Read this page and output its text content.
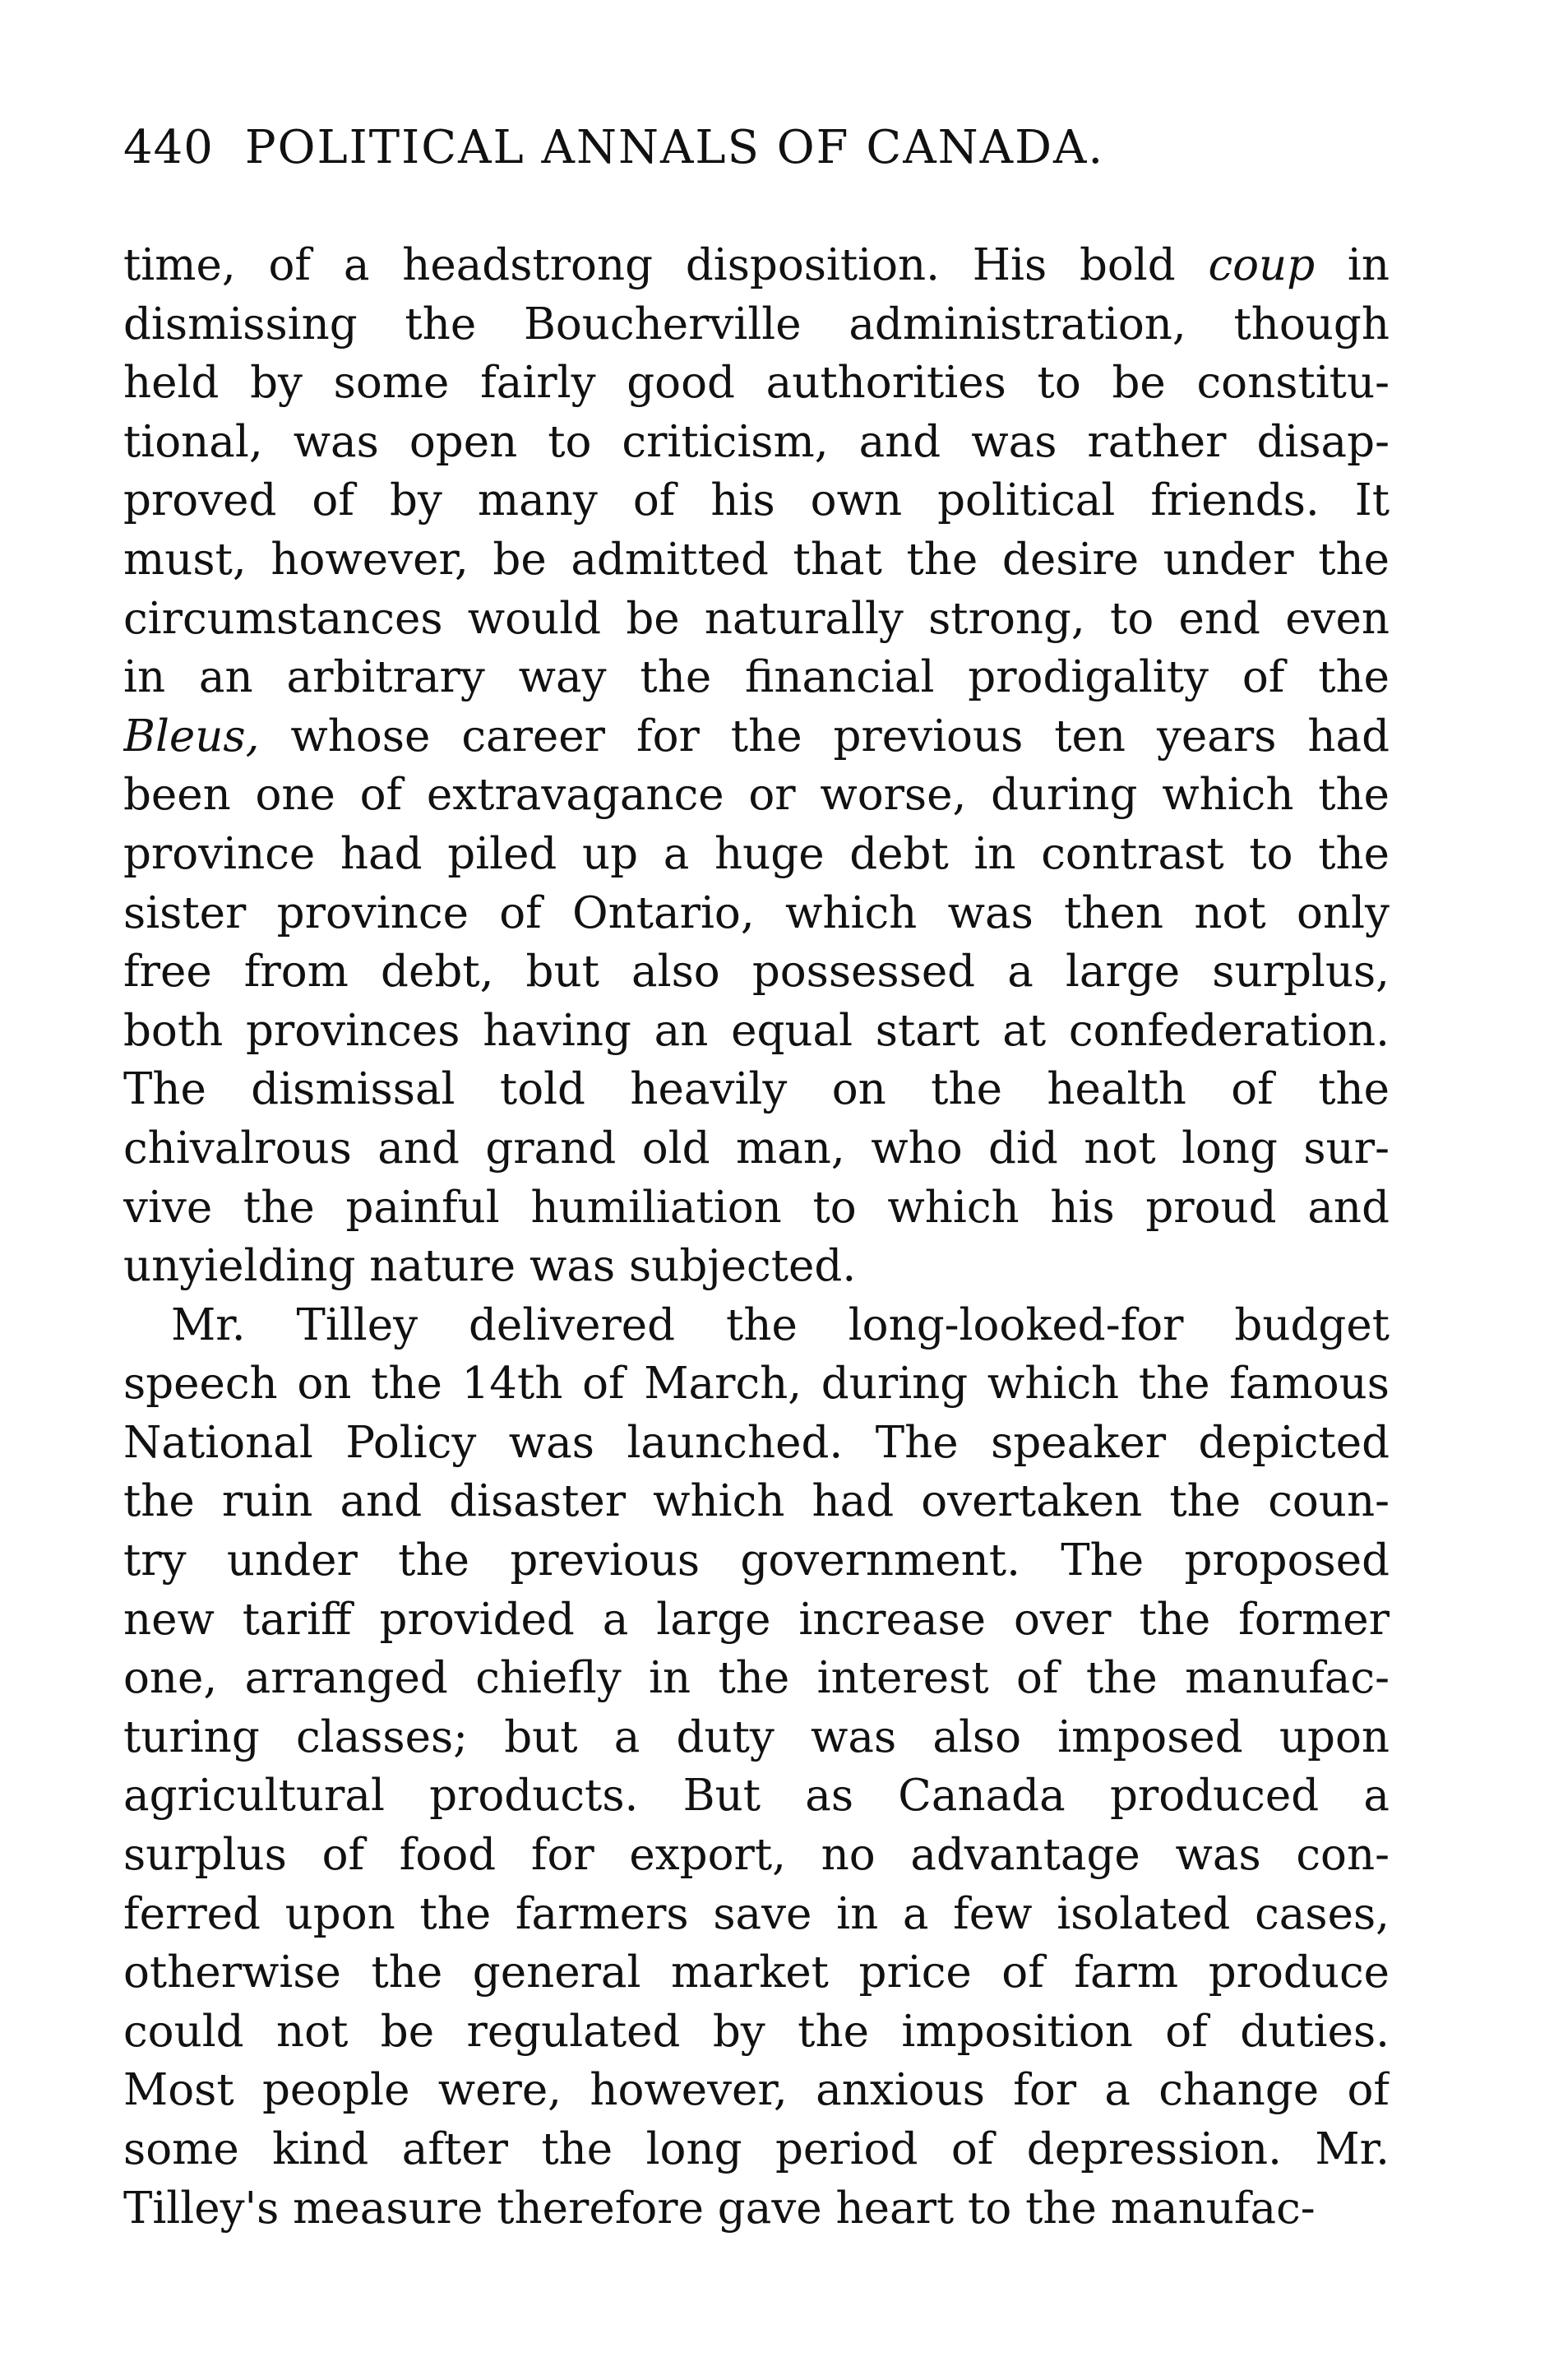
440 POLITICAL ANNALS OF CANADA.
time, of a headstrong disposition. His bold coup in
dismissing the Boucherville administration, though
held by some fairly good authorities to be constitu-
tional, was open to criticism, and was rather disap-
proved of by many of his own political friends. It
must, however, be admitted that the desire under the
circumstances would be naturally strong, to end even
in an arbitrary way the financial prodigality of the
Bleus, whose career for the previous ten years had
been one of extravagance or worse, during which the
province had piled up a huge debt in contrast to the
sister province of Ontario, which was then not only
free from debt, but also possessed a large surplus,
both provinces having an equal start at confederation.
The dismissal told heavily on the health of the
chivalrous and grand old man, who did not long sur-
vive the painful humiliation to which his proud and
unyielding nature was subjected.
Mr. Tilley delivered the long-looked-for budget
speech on the 14th of March, during which the famous
National Policy was launched. The speaker depicted
the ruin and disaster which had overtaken the coun-
try under the previous government. The proposed
new tariff provided a large increase over the former
one, arranged chiefly in the interest of the manufac-
turing classes; but a duty was also imposed upon
agricultural products. But as Canada produced a
surplus of food for export, no advantage was con-
ferred upon the farmers save in a few isolated cases,
otherwise the general market price of farm produce
could not be regulated by the imposition of duties.
Most people were, however, anxious for a change of
some kind after the long period of depression. Mr.
Tilley's measure therefore gave heart to the manufac-
